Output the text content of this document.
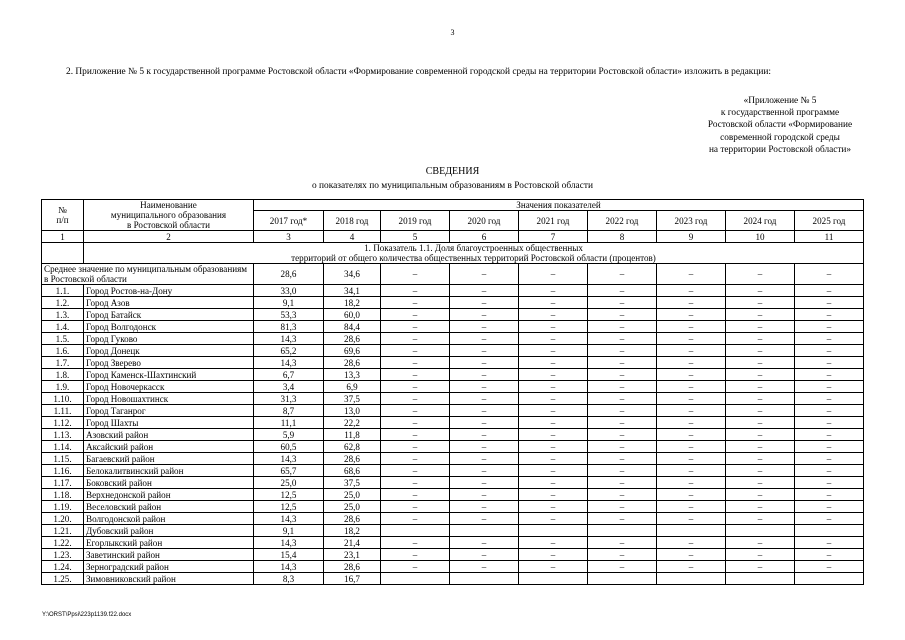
3
2. Приложение № 5 к государственной программе Ростовской области «Формирование современной городской среды на территории Ростовской области» изложить в редакции:
«Приложение № 5
к государственной программе
Ростовской области «Формирование
современной городской среды
на территории Ростовской области»
СВЕДЕНИЯ
о показателях по муниципальным образованиям в Ростовской области
№
п/п	Наименование
муниципального образования
в Ростовской области	Значения показателей								
		2017 год*	2018 год	2019 год	2020 год	2021 год	2022 год	2023 год	2024 год	2025 год
1	2	3	4	5	6	7	8	9	10	11
	1. Показатель 1.1. Доля благоустроенных общественных
территорий от общего количества общественных территорий Ростовской области (процентов)									
Среднее значение по муниципальным образованиям в Ростовской области		28,6	34,6	–	–	–	–	–	–	–
1.1.	Город Ростов-на-Дону	33,0	34,1	–	–	–	–	–	–	–
1.2.	Город Азов	9,1	18,2	–	–	–	–	–	–	–
1.3.	Город Батайск	53,3	60,0	–	–	–	–	–	–	–
1.4.	Город Волгодонск	81,3	84,4	–	–	–	–	–	–	–
1.5.	Город Гуково	14,3	28,6	–	–	–	–	–	–	–
1.6.	Город Донецк	65,2	69,6	–	–	–	–	–	–	–
1.7.	Город Зверево	14,3	28,6	–	–	–	–	–	–	–
1.8.	Город Каменск-Шахтинский	6,7	13,3	–	–	–	–	–	–	–
1.9.	Город Новочеркасск	3,4	6,9	–	–	–	–	–	–	–
1.10.	Город Новошахтинск	31,3	37,5	–	–	–	–	–	–	–
1.11.	Город Таганрог	8,7	13,0	–	–	–	–	–	–	–
1.12.	Город Шахты	11,1	22,2	–	–	–	–	–	–	–
1.13.	Азовский район	5,9	11,8	–	–	–	–	–	–	–
1.14.	Аксайский район	60,5	62,8	–	–	–	–	–	–	–
1.15.	Багаевский район	14,3	28,6	–	–	–	–	–	–	–
1.16.	Белокалитвинский район	65,7	68,6	–	–	–	–	–	–	–
1.17.	Боковский район	25,0	37,5	–	–	–	–	–	–	–
1.18.	Верхнедонской район	12,5	25,0	–	–	–	–	–	–	–
1.19.	Веселовский район	12,5	25,0	–	–	–	–	–	–	–
1.20.	Волгодонской район	14,3	28,6	–	–	–	–	–	–	–
1.21.	Дубовский район	9,1	18,2							
1.22.	Егорлыкский район	14,3	21,4	–	–	–	–	–	–	–
1.23.	Заветинский район	15,4	23,1	–	–	–	–	–	–	–
1.24.	Зерноградский район	14,3	28,6	–	–	–	–	–	–	–
1.25.	Зимовниковский район	8,3	16,7							
Y:\ORST\Ppsi\223p1139.f22.docx
